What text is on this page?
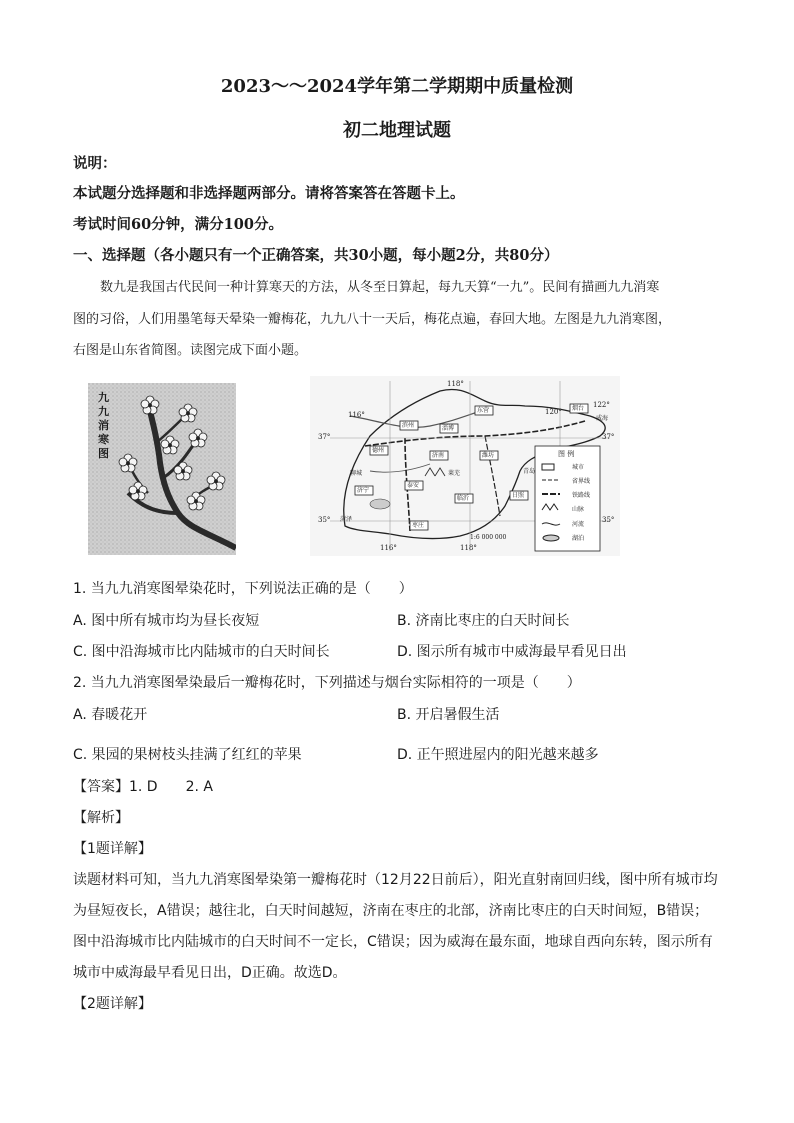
2023～～2024学年第二学期期中质量检测
初二地理试题
说明：
本试题分选择题和非选择题两部分。请将答案答在答题卡上。
考试时间60分钟，满分100分。
一、选择题（各小题只有一个正确答案，共30小题，每小题2分，共80分）
数九是我国古代民间一种计算寒天的方法，从冬至日算起，每九天算“一九”。民间有描画九九消寒
图的习俗，人们用墨笔每天晕染一瓣梅花，九九八十一天后，梅花点遍，春回大地。左图是九九消寒图，
右图是山东省简图。读图完成下面小题。
九九消寒图
118°
116°	120°
122°
116°	118°
37°	37°
35°	35°
济南
泰安
枣庄
临沂	日照
青岛
烟台
威海
潍坊
淄博
东营
德州
滨州
莱芜
聊城
菏泽
济宁
图 例
城市
省界线
铁路线
山脉
河流
湖泊
1:6 000 000
1. 当九九消寒图晕染花时，下列说法正确的是（　　）
A. 图中所有城市均为昼长夜短	B. 济南比枣庄的白天时间长
C. 图中沿海城市比内陆城市的白天时间长	D. 图示所有城市中威海最早看见日出
2. 当九九消寒图晕染最后一瓣梅花时，下列描述与烟台实际相符的一项是（　　）
A. 春暖花开	B. 开启暑假生活
C. 果园的果树枝头挂满了红红的苹果	D. 正午照进屋内的阳光越来越多
【答案】1. D　　2. A
【解析】
【1题详解】
读题材料可知，当九九消寒图晕染第一瓣梅花时（12月22日前后），阳光直射南回归线，图中所有城市均
为昼短夜长，A错误；越往北，白天时间越短，济南在枣庄的北部，济南比枣庄的白天时间短，B错误；
图中沿海城市比内陆城市的白天时间不一定长，C错误；因为威海在最东面，地球自西向东转，图示所有
城市中威海最早看见日出，D正确。故选D。
【2题详解】
